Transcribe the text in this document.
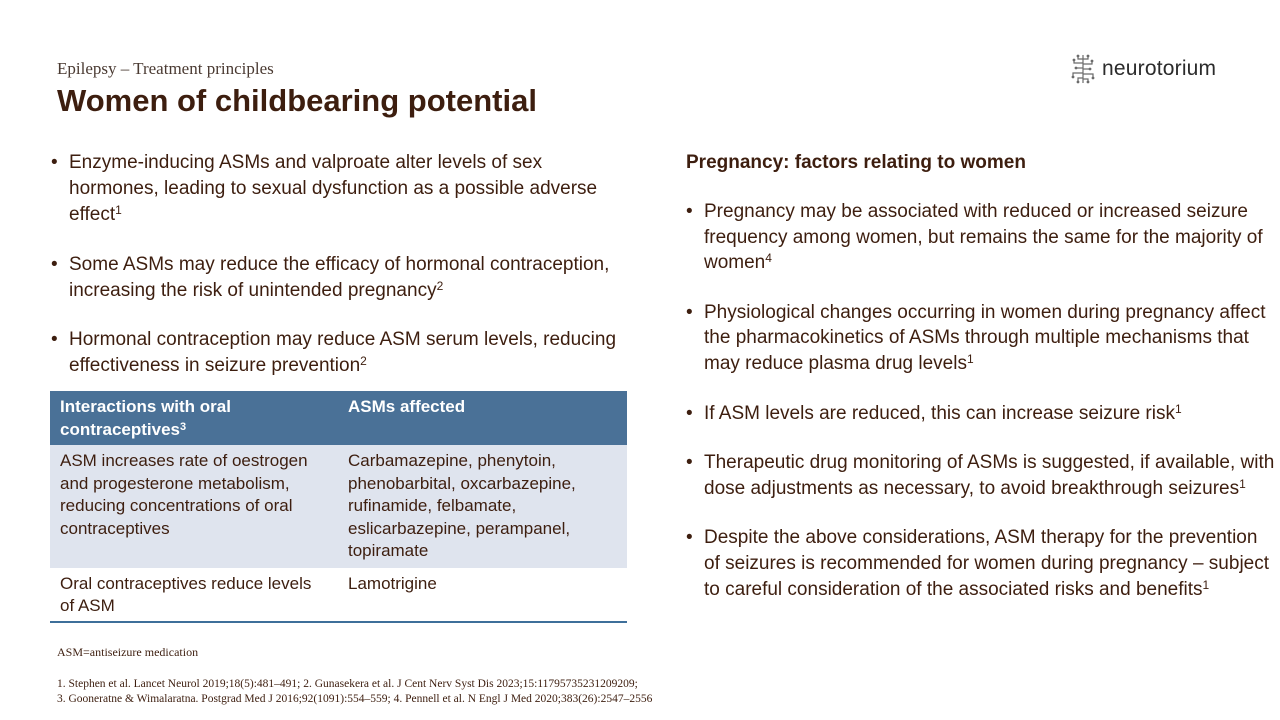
Epilepsy – Treatment principles
Women of childbearing potential
neurotorium
• Enzyme-inducing ASMs and valproate alter levels of sex hormones, leading to sexual dysfunction as a possible adverse effect$^1$
• Some ASMs may reduce the efficacy of hormonal contraception, increasing the risk of unintended pregnancy$^2$
• Hormonal contraception may reduce ASM serum levels, reducing effectiveness in seizure prevention$^2$
Interactions with oral contraceptives$^3$	ASMs affected
ASM increases rate of oestrogen and progesterone metabolism, reducing concentrations of oral contraceptives	Carbamazepine, phenytoin, phenobarbital, oxcarbazepine, rufinamide, felbamate, eslicarbazepine, perampanel, topiramate
Oral contraceptives reduce levels of ASM	Lamotrigine
Pregnancy: factors relating to women
• Pregnancy may be associated with reduced or increased seizure frequency among women, but remains the same for the majority of women$^4$
• Physiological changes occurring in women during pregnancy affect the pharmacokinetics of ASMs through multiple mechanisms that may reduce plasma drug levels$^1$
• If ASM levels are reduced, this can increase seizure risk$^1$
• Therapeutic drug monitoring of ASMs is suggested, if available, with dose adjustments as necessary, to avoid breakthrough seizures$^1$
• Despite the above considerations, ASM therapy for the prevention of seizures is recommended for women during pregnancy – subject to careful consideration of the associated risks and benefits$^1$
ASM=antiseizure medication
1. Stephen et al. Lancet Neurol 2019;18(5):481–491; 2. Gunasekera et al. J Cent Nerv Syst Dis 2023;15:11795735231209209;
3. Gooneratne & Wimalaratna. Postgrad Med J 2016;92(1091):554–559; 4. Pennell et al. N Engl J Med 2020;383(26):2547–2556
